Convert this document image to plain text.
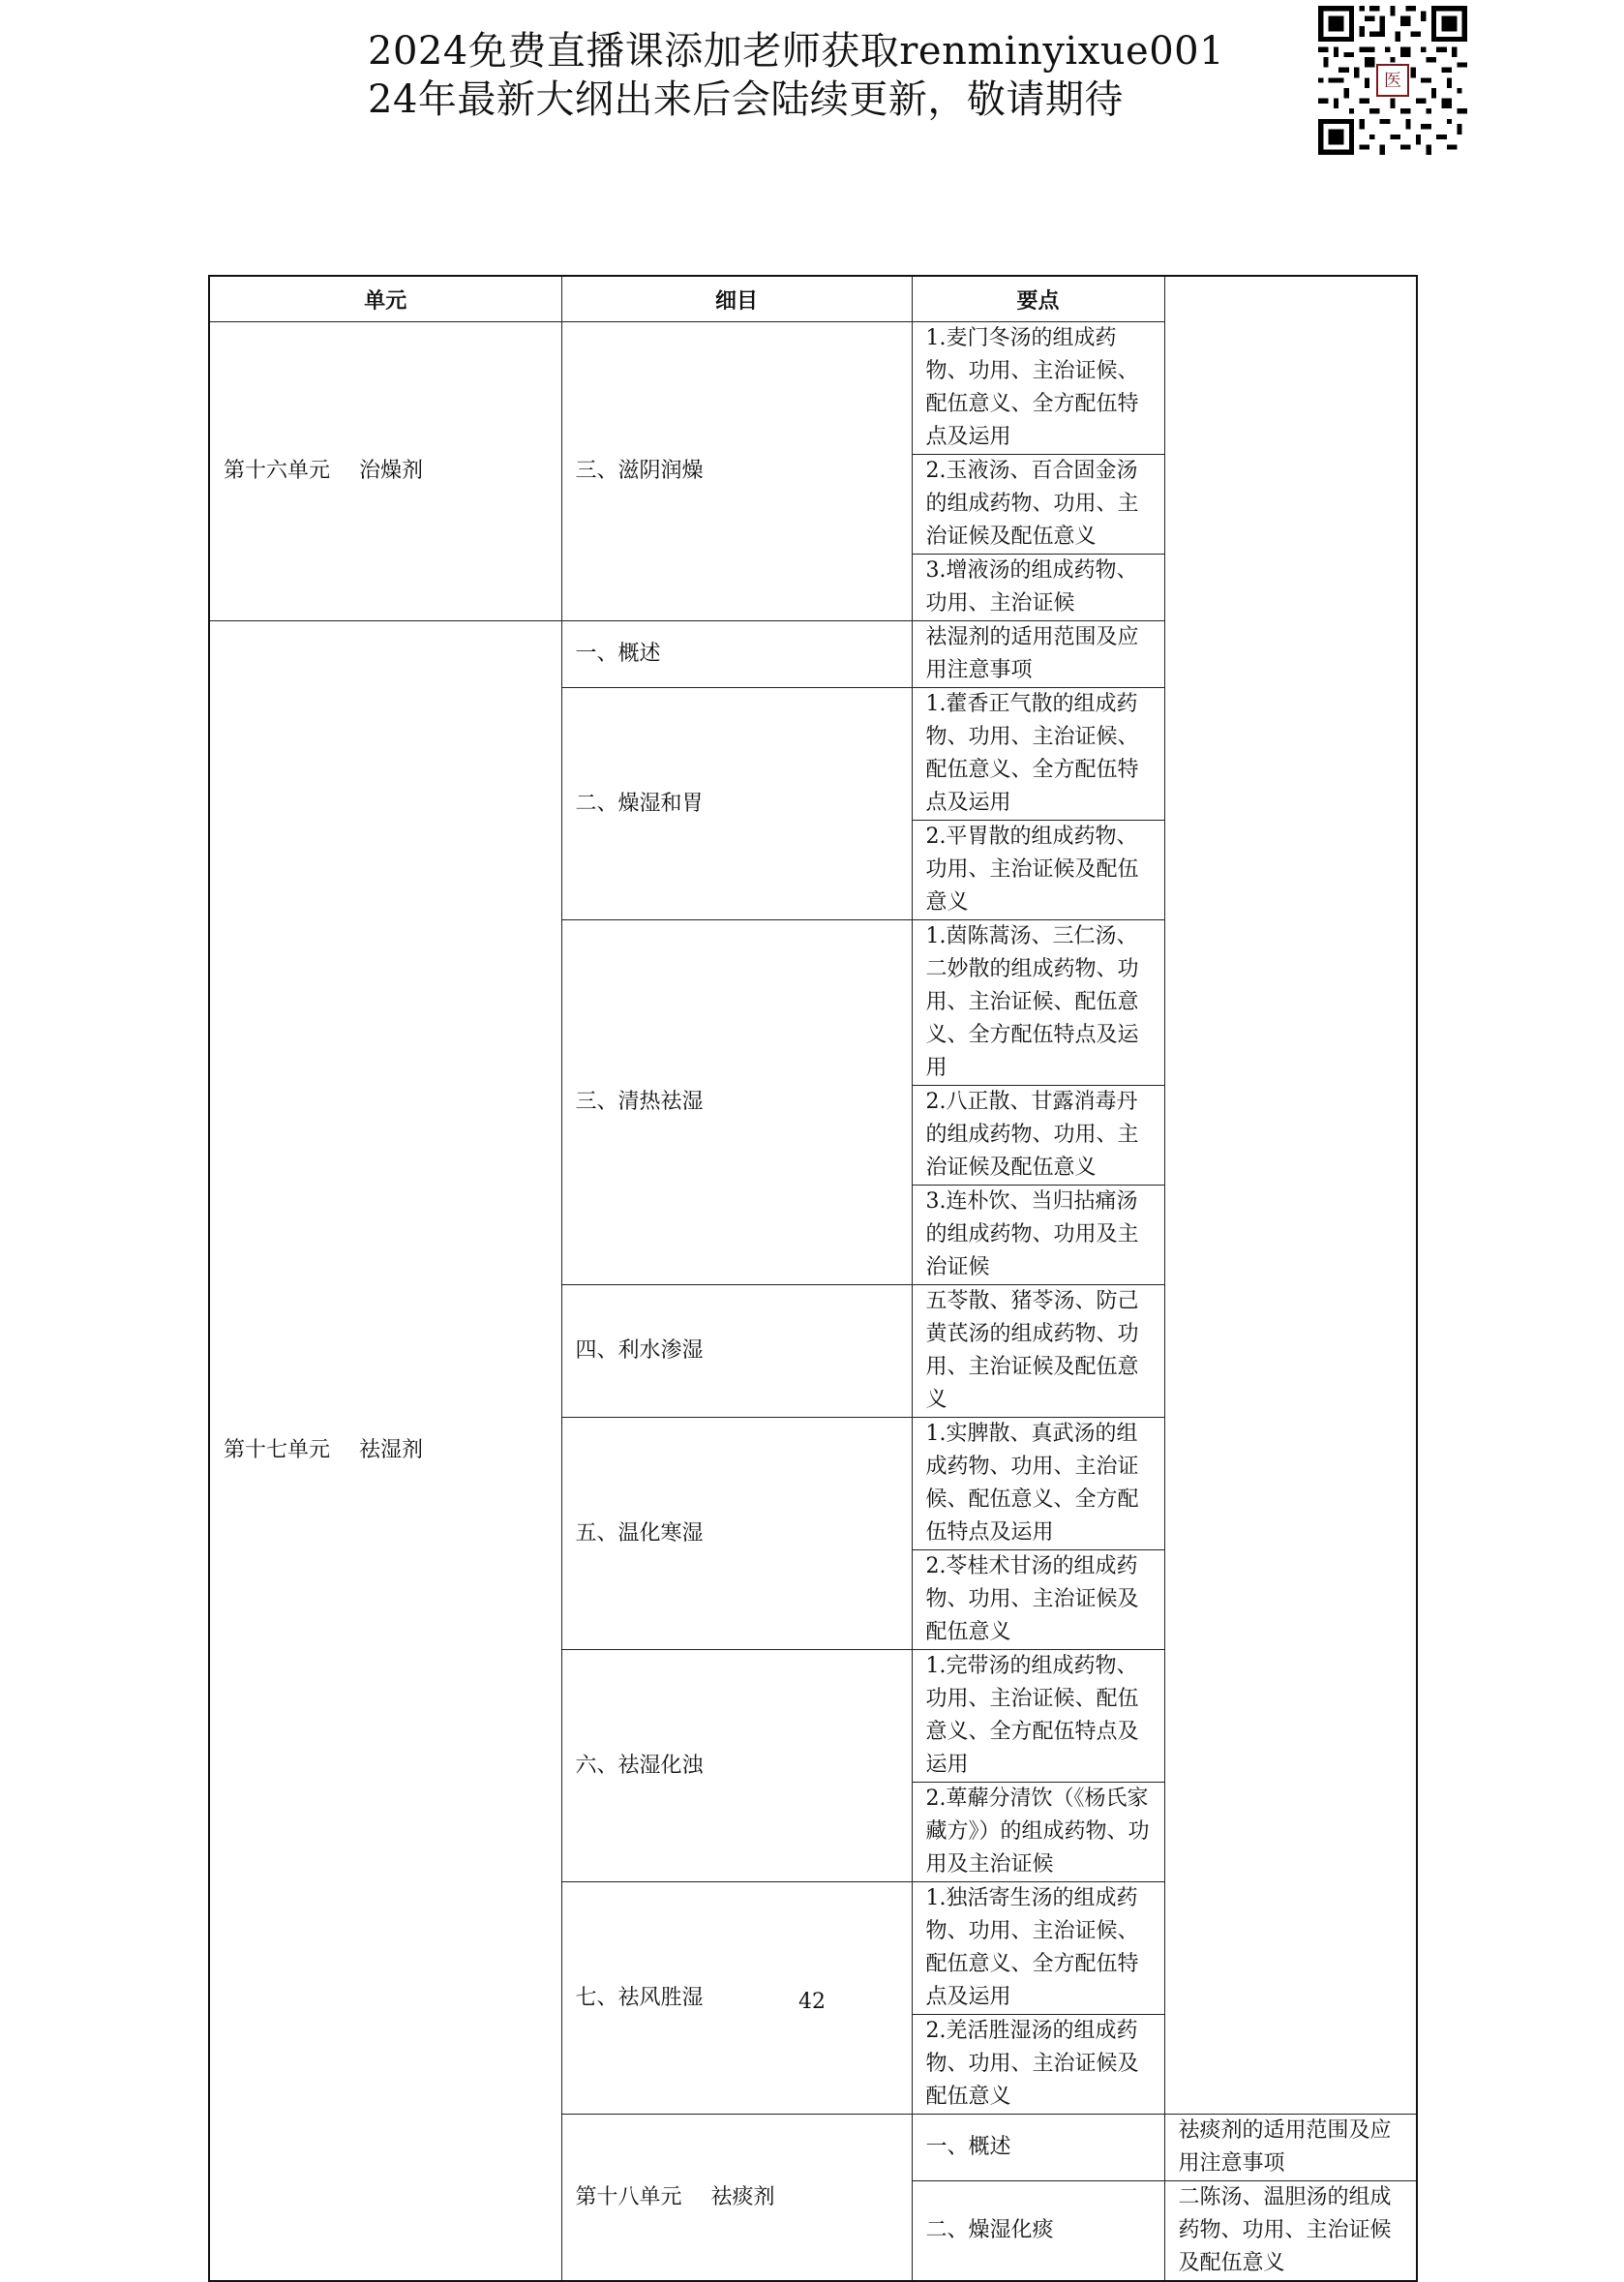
2024免费直播课添加老师获取renminyixue001
24年最新大纲出来后会陆续更新，敬请期待	医
单元	细目	要点	
第十六单元 治燥剂	三、滋阴润燥	1.麦门冬汤的组成药物、功用、主治证候、配伍意义、全方配伍特点及运用	
		2.玉液汤、百合固金汤的组成药物、功用、主治证候及配伍意义	
		3.增液汤的组成药物、功用、主治证候	
第十七单元 祛湿剂	一、概述	祛湿剂的适用范围及应用注意事项	
	二、燥湿和胃	1.藿香正气散的组成药物、功用、主治证候、配伍意义、全方配伍特点及运用	
		2.平胃散的组成药物、功用、主治证候及配伍意义	
	三、清热祛湿	1.茵陈蒿汤、三仁汤、二妙散的组成药物、功用、主治证候、配伍意义、全方配伍特点及运用	
		2.八正散、甘露消毒丹的组成药物、功用、主治证候及配伍意义	
		3.连朴饮、当归拈痛汤的组成药物、功用及主治证候	
	四、利水渗湿	五苓散、猪苓汤、防己黄芪汤的组成药物、功用、主治证候及配伍意义	
	五、温化寒湿	1.实脾散、真武汤的组成药物、功用、主治证候、配伍意义、全方配伍特点及运用	
		2.苓桂术甘汤的组成药物、功用、主治证候及配伍意义	
	六、祛湿化浊	1.完带汤的组成药物、功用、主治证候、配伍意义、全方配伍特点及运用	
		2.萆薢分清饮（《杨氏家藏方》）的组成药物、功用及主治证候	
	七、祛风胜湿	1.独活寄生汤的组成药物、功用、主治证候、配伍意义、全方配伍特点及运用	
		2.羌活胜湿汤的组成药物、功用、主治证候及配伍意义	
	第十八单元 祛痰剂	一、概述	祛痰剂的适用范围及应用注意事项
		二、燥湿化痰	二陈汤、温胆汤的组成药物、功用、主治证候及配伍意义
42
